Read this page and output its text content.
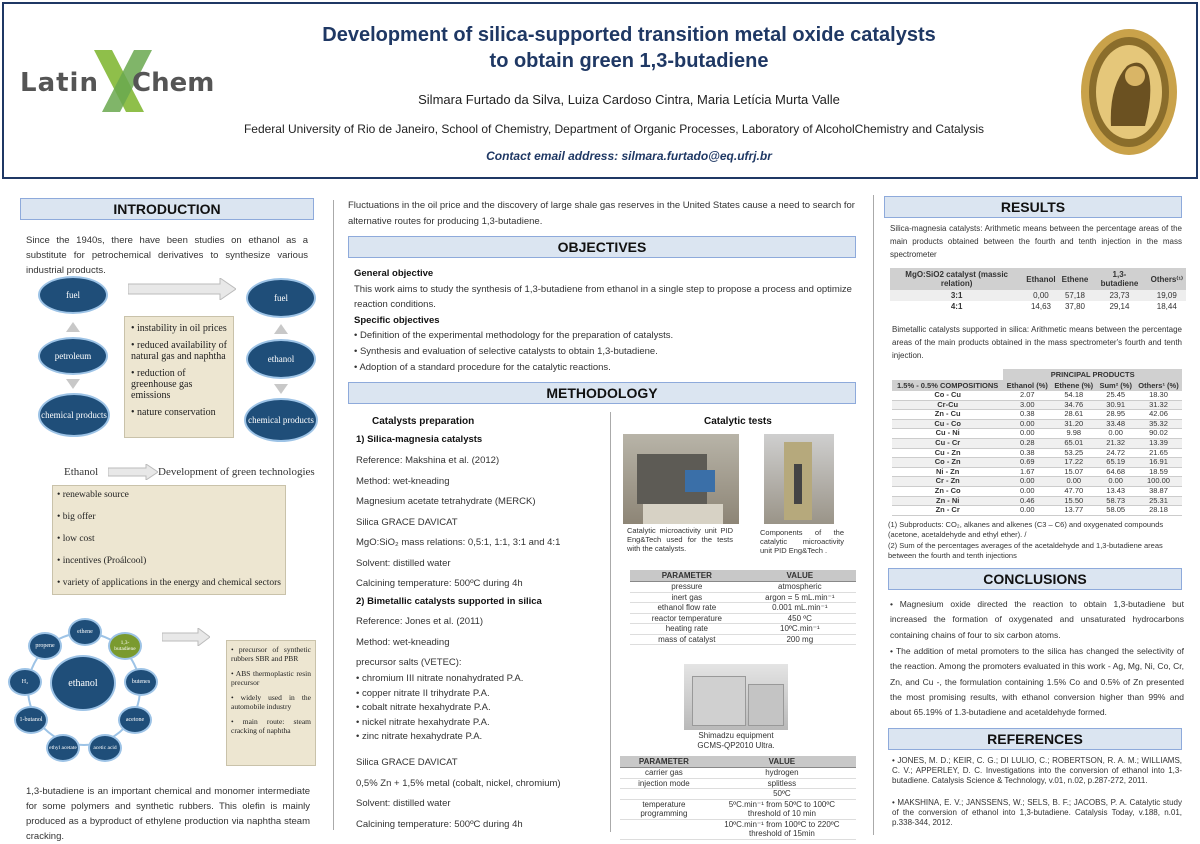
Latin Chem
Development of silica-supported transition metal oxide catalysts
to obtain green 1,3-butadiene
Silmara Furtado da Silva, Luiza Cardoso Cintra, Maria Letícia Murta Valle
Federal University of Rio de Janeiro, School of Chemistry, Department of Organic Processes, Laboratory of AlcoholChemistry and Catalysis
Contact email address: silmara.furtado@eq.ufrj.br
INTRODUCTION
Since the 1940s, there have been studies on ethanol as a substitute for petrochemical derivatives to synthesize various industrial products.
fuel
petroleum
chemical products
• instability in oil prices
• reduced availability of natural gas and naphtha
• reduction of greenhouse gas emissions
• nature conservation
fuel
ethanol
chemical products
Ethanol	Development of green technologies
• renewable source
• big offer
• low cost
• incentives (Proálcool)
• variety of applications in the energy and chemical sectors
ethanol
ethene
1,3-butadiene
butenes
acetone
acetic acid
ethyl acetate
1-butanol
H₂
propene	• precursor of synthetic rubbers SBR and PBR
• ABS thermoplastic resin precursor
• widely used in the automobile industry
• main route: steam cracking of naphtha
1,3-butadiene is an important chemical and monomer intermediate for some polymers and synthetic rubbers. This olefin is mainly produced as a byproduct of ethylene production via naphtha steam cracking.
Fluctuations in the oil price and the discovery of large shale gas reserves in the United States cause a need to search for alternative routes for producing 1,3-butadiene.
OBJECTIVES
General objective
This work aims to study the synthesis of 1,3-butadiene from ethanol in a single step to propose a process and optimize reaction conditions.
Specific objectives
• Definition of the experimental methodology for the preparation of catalysts.
• Synthesis and evaluation of selective catalysts to obtain 1,3-butadiene.
• Adoption of a standard procedure for the catalytic reactions.
METHODOLOGY
Catalysts preparation
1) Silica-magnesia catalysts
Reference: Makshina et al. (2012)
Method: wet-kneading
Magnesium acetate tetrahydrate (MERCK)
Silica GRACE DAVICAT
MgO:SiO₂ mass relations: 0,5:1, 1:1, 3:1 and 4:1
Solvent: distilled water
Calcining temperature: 500ºC during 4h
2) Bimetallic catalysts supported in silica
Reference: Jones et al. (2011)
Method: wet-kneading
precursor salts (VETEC):
• chromium III nitrate nonahydrated P.A.
• copper nitrate II trihydrate P.A.
• cobalt nitrate hexahydrate P.A.
• nickel nitrate hexahydrate P.A.
• zinc nitrate hexahydrate P.A.
Silica GRACE DAVICAT
0,5% Zn + 1,5% metal (cobalt, nickel, chromium)
Solvent: distilled water
Calcining temperature: 500ºC during 4h
Catalytic tests
Catalytic microactivity unit PID Eng&Tech used for the tests with the catalysts.
Components of the catalytic microactivity unit PID Eng&Tech .
PARAMETER	VALUE
pressure	atmospheric
inert gas	argon = 5 mL.min⁻¹
ethanol flow rate	0.001 mL.min⁻¹
reactor temperature	450 ºC
heating rate	10ºC.min⁻¹
mass of catalyst	200 mg
Shimadzu equipment GCMS-QP2010 Ultra.
PARAMETER	VALUE
carrier gas	hydrogen
injection mode	splitless
	50ºC
temperature programming	5ºC.min⁻¹ from 50ºC to 100ºC threshold of 10 min
	10ºC.min⁻¹ from 100ºC to 220ºC threshold of 15min
RESULTS
Silica-magnesia catalysts: Arithmetic means between the percentage areas of the main products obtained between the fourth and tenth injection in the mass spectrometer
MgO:SiO2 catalyst (massic relation)	Ethanol	Ethene	1,3-butadiene	Others⁽¹⁾
3:1	0,00	57,18	23,73	19,09
4:1	14,63	37,80	29,14	18,44
Bimetallic catalysts supported in silica: Arithmetic means between the percentage areas of the main products obtained in the mass spectrometer's fourth and tenth injection.
	PRINCIPAL PRODUCTS			
1.5% - 0.5% COMPOSITIONS	Ethanol (%)	Ethene (%)	Sum² (%)	Others¹ (%)
Co - Cu	2.07	54.18	25.45	18.30
Cr-Cu	3.00	34.76	30.91	31.32
Zn - Cu	0.38	28.61	28.95	42.06
Cu - Co	0.00	31.20	33.48	35.32
Cu - Ni	0.00	9.98	0.00	90.02
Cu - Cr	0.28	65.01	21.32	13.39
Cu - Zn	0.38	53.25	24.72	21.65
Co - Zn	0.69	17.22	65.19	16.91
Ni - Zn	1.67	15.07	64.68	18.59
Cr - Zn	0.00	0.00	0.00	100.00
Zn - Co	0.00	47.70	13.43	38.87
Zn - Ni	0.46	15.50	58.73	25.31
Zn - Cr	0.00	13.77	58.05	28.18
(1) Subproducts: CO₂, alkanes and alkenes (C3 – C6) and oxygenated compounds (acetone, acetaldehyde and ethyl ether). /
(2) Sum of the percentages averages of the acetaldehyde and 1,3-butadiene areas between the fourth and tenth injections
CONCLUSIONS
• Magnesium oxide directed the reaction to obtain 1,3-butadiene but increased the formation of oxygenated and unsaturated hydrocarbons containing chains of four to six carbon atoms.
• The addition of metal promoters to the silica has changed the selectivity of the reaction. Among the promoters evaluated in this work - Ag, Mg, Ni, Co, Cr, Zn, and Cu -, the formulation containing 1.5% Co and 0.5% of Zn presented the most promising results, with ethanol conversion higher than 99% and about 65.19% of 1.3-butadiene and acetaldehyde formed.
REFERENCES
• JONES, M. D.; KEIR, C. G.; DI LULIO, C.; ROBERTSON, R. A. M.; WILLIAMS, C. V.; APPERLEY, D. C. Investigations into the conversion of ethanol into 1,3-butadiene. Catalysis Science & Technology, v.01, n.02, p.287-272, 2011.
• MAKSHINA, E. V.; JANSSENS, W.; SELS, B. F.; JACOBS, P. A. Catalytic study of the conversion of ethanol into 1,3-butadiene. Catalysis Today, v.188, n.01, p.338-344, 2012.
